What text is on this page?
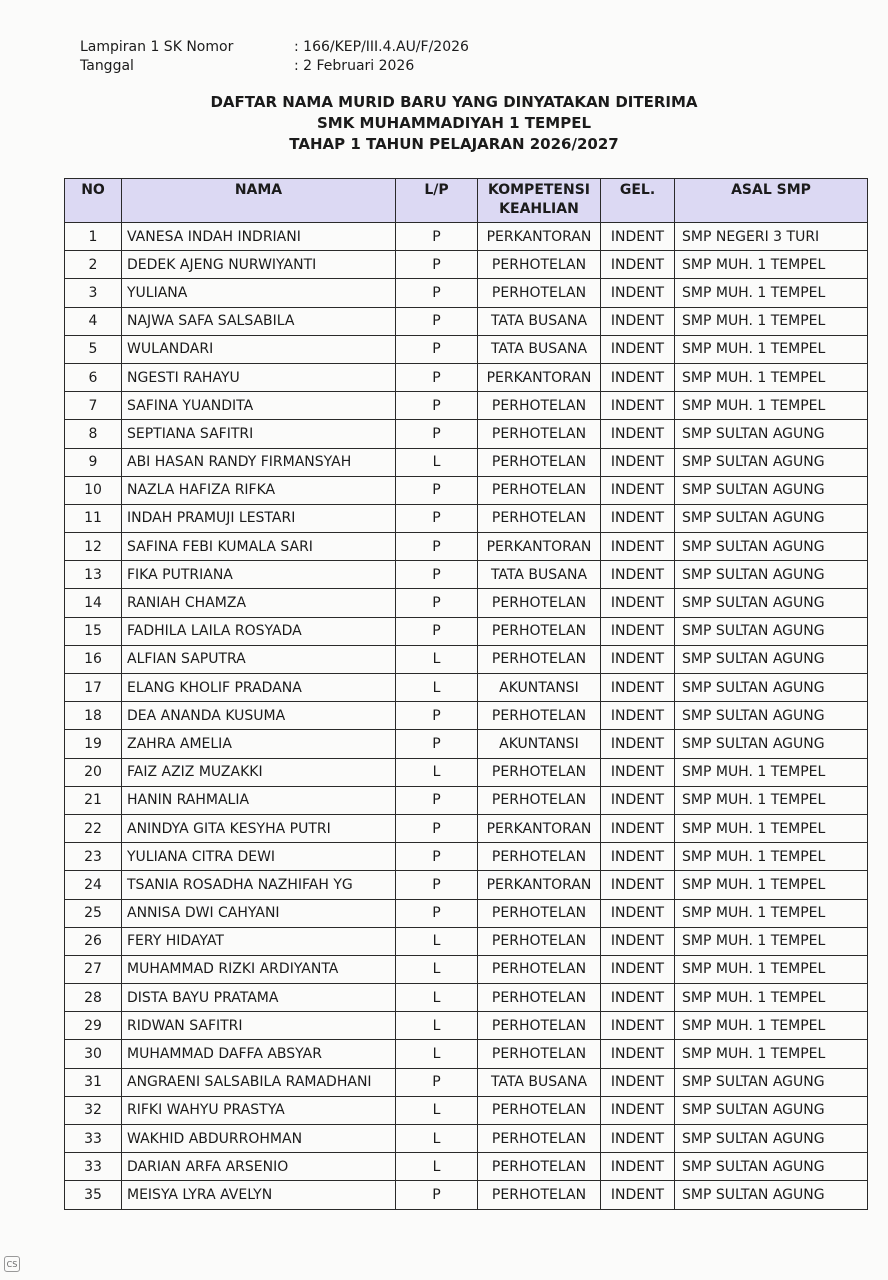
Lampiran 1 SK Nomor	: 166/KEP/III.4.AU/F/2026
Tanggal	: 2 Februari 2026
DAFTAR NAMA MURID BARU YANG DINYATAKAN DITERIMA
SMK MUHAMMADIYAH 1 TEMPEL
TAHAP 1 TAHUN PELAJARAN 2026/2027
NO	NAMA	L/P	KOMPETENSI KEAHLIAN	GEL.	ASAL SMP
1	VANESA INDAH INDRIANI	P	PERKANTORAN	INDENT	SMP NEGERI 3 TURI
2	DEDEK AJENG NURWIYANTI	P	PERHOTELAN	INDENT	SMP MUH. 1 TEMPEL
3	YULIANA	P	PERHOTELAN	INDENT	SMP MUH. 1 TEMPEL
4	NAJWA SAFA SALSABILA	P	TATA BUSANA	INDENT	SMP MUH. 1 TEMPEL
5	WULANDARI	P	TATA BUSANA	INDENT	SMP MUH. 1 TEMPEL
6	NGESTI RAHAYU	P	PERKANTORAN	INDENT	SMP MUH. 1 TEMPEL
7	SAFINA YUANDITA	P	PERHOTELAN	INDENT	SMP MUH. 1 TEMPEL
8	SEPTIANA SAFITRI	P	PERHOTELAN	INDENT	SMP SULTAN AGUNG
9	ABI HASAN RANDY FIRMANSYAH	L	PERHOTELAN	INDENT	SMP SULTAN AGUNG
10	NAZLA HAFIZA RIFKA	P	PERHOTELAN	INDENT	SMP SULTAN AGUNG
11	INDAH PRAMUJI LESTARI	P	PERHOTELAN	INDENT	SMP SULTAN AGUNG
12	SAFINA FEBI KUMALA SARI	P	PERKANTORAN	INDENT	SMP SULTAN AGUNG
13	FIKA PUTRIANA	P	TATA BUSANA	INDENT	SMP SULTAN AGUNG
14	RANIAH CHAMZA	P	PERHOTELAN	INDENT	SMP SULTAN AGUNG
15	FADHILA LAILA ROSYADA	P	PERHOTELAN	INDENT	SMP SULTAN AGUNG
16	ALFIAN SAPUTRA	L	PERHOTELAN	INDENT	SMP SULTAN AGUNG
17	ELANG KHOLIF PRADANA	L	AKUNTANSI	INDENT	SMP SULTAN AGUNG
18	DEA ANANDA KUSUMA	P	PERHOTELAN	INDENT	SMP SULTAN AGUNG
19	ZAHRA AMELIA	P	AKUNTANSI	INDENT	SMP SULTAN AGUNG
20	FAIZ AZIZ MUZAKKI	L	PERHOTELAN	INDENT	SMP MUH. 1 TEMPEL
21	HANIN RAHMALIA	P	PERHOTELAN	INDENT	SMP MUH. 1 TEMPEL
22	ANINDYA GITA KESYHA PUTRI	P	PERKANTORAN	INDENT	SMP MUH. 1 TEMPEL
23	YULIANA CITRA DEWI	P	PERHOTELAN	INDENT	SMP MUH. 1 TEMPEL
24	TSANIA ROSADHA NAZHIFAH YG	P	PERKANTORAN	INDENT	SMP MUH. 1 TEMPEL
25	ANNISA DWI CAHYANI	P	PERHOTELAN	INDENT	SMP MUH. 1 TEMPEL
26	FERY HIDAYAT	L	PERHOTELAN	INDENT	SMP MUH. 1 TEMPEL
27	MUHAMMAD RIZKI ARDIYANTA	L	PERHOTELAN	INDENT	SMP MUH. 1 TEMPEL
28	DISTA BAYU PRATAMA	L	PERHOTELAN	INDENT	SMP MUH. 1 TEMPEL
29	RIDWAN SAFITRI	L	PERHOTELAN	INDENT	SMP MUH. 1 TEMPEL
30	MUHAMMAD DAFFA ABSYAR	L	PERHOTELAN	INDENT	SMP MUH. 1 TEMPEL
31	ANGRAENI SALSABILA RAMADHANI	P	TATA BUSANA	INDENT	SMP SULTAN AGUNG
32	RIFKI WAHYU PRASTYA	L	PERHOTELAN	INDENT	SMP SULTAN AGUNG
33	WAKHID ABDURROHMAN	L	PERHOTELAN	INDENT	SMP SULTAN AGUNG
33	DARIAN ARFA ARSENIO	L	PERHOTELAN	INDENT	SMP SULTAN AGUNG
35	MEISYA LYRA AVELYN	P	PERHOTELAN	INDENT	SMP SULTAN AGUNG
CS
